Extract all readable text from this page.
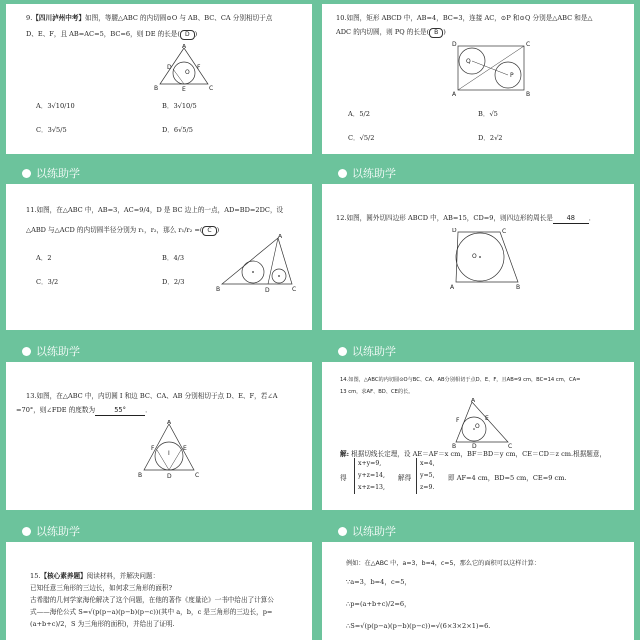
9.【四川泸州中考】如图，等腰△ABC 的内切圆⊙O 与 AB、BC、CA 分别相切于点
D、E、F，且 AB=AC=5，BC=6，则 DE 的长是( D )
A
D	F
O
B	E	C
A．3√10/10	B．3√10/5
C．3√5/5	D．6√5/5
10.如图，矩形 ABCD 中，AB=4，BC=3，连接 AC，⊙P 和⊙Q 分别是△ABC 和是△
ADC 的内切圆，则 PQ 的长是( B )
D	C
Q
P
A	B
A．5/2	B．√5
C．√5/2	D．2√2
以练助学
11.如图，在△ABC 中，AB=3，AC=9/4，D 是 BC 边上的一点，AD=BD=2DC，设
△ABD 与△ACD 的内切圆半径分别为 r₁，r₂，那么 r₁/r₂ =( C )
A．2	B．4/3
C．3/2	D．2/3
A
B	D	C
以练助学
12.如图，圆外切四边形 ABCD 中，AB=15，CD=9，则四边形的周长是 48 ．
D	C
O
A	B
以练助学
13.如图，在△ABC 中，内切圆 I 和边 BC、CA、AB 分别相切于点 D、E、F，若∠A
=70°，则∠FDE 的度数为	55°	．
A
F	E
I
B	D	C
以练助学
14.如图，△ABC的内切圆⊙O与BC、CA、AB分别相切于点D、E、F，且AB=9 cm，BC=14 cm，CA=
13 cm，求AF、BD、CE的长。
A
F	E
O
B	D	C
解: 根据切线长定理，设 AE＝AF＝x cm，BF＝BD＝y cm，CE＝CD＝z cm.根据题意，
得
x+y=9,
y+z=14,
x+z=13,
解得
x=4,
y=5,
z=9.
即 AF=4 cm，BD=5 cm，CE=9 cm.
以练助学
15.【核心素养题】阅读材料，并解决问题：
已知任意三角形的三边长，如何求三角形的面积?
古希腊的几何学家海伦解决了这个问题，在他的著作《度量论》一书中给出了计算公
式——海伦公式 S=√(p(p−a)(p−b)(p−c))(其中 a，b，c 是三角形的三边长，p=
(a+b+c)/2，S 为三角形的面积)，并给出了证明.
以练助学
例如：在△ABC 中，a=3，b=4，c=5，那么它的面积可以这样计算：
∵a=3，b=4，c=5，
∴p=(a+b+c)/2=6，
∴S=√(p(p−a)(p−b)(p−c))=√(6×3×2×1)=6.
